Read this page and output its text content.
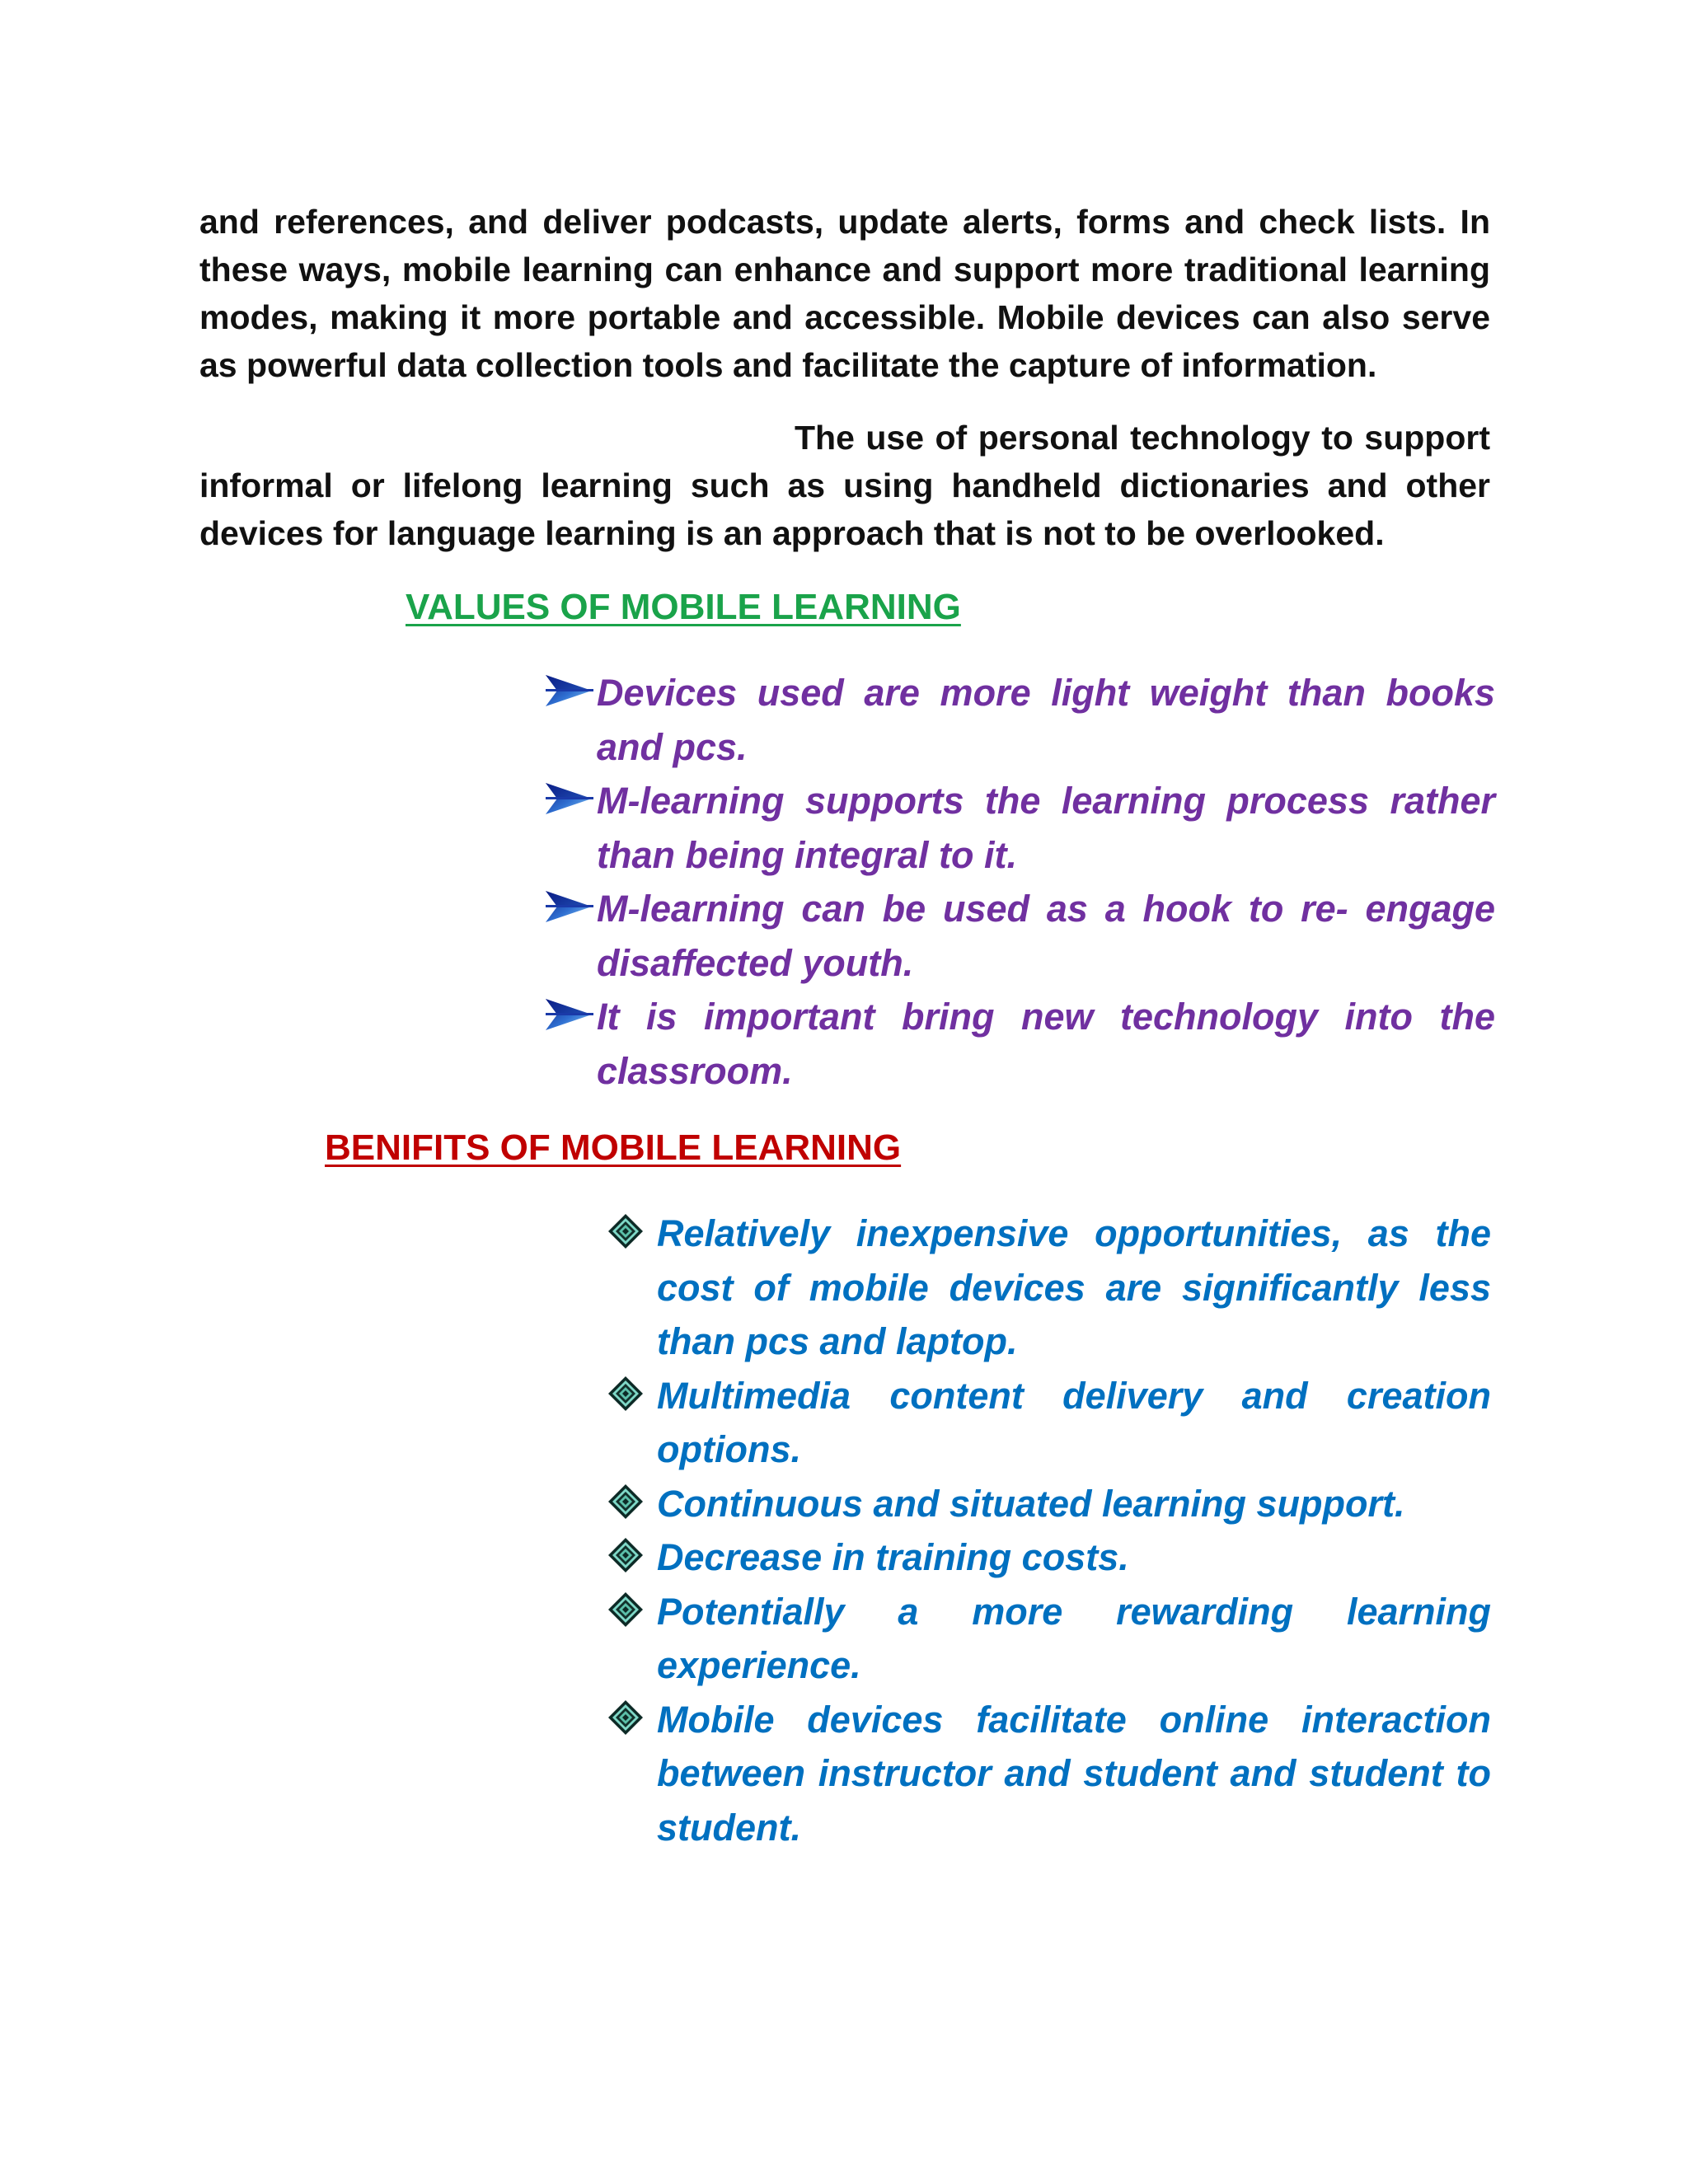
and references, and deliver podcasts, update alerts, forms and check lists. In these ways, mobile learning can enhance and support more traditional learning modes, making it more portable and accessible. Mobile devices can also serve as powerful data collection tools and facilitate the capture of information.

The use of personal technology to support informal or lifelong learning such as using handheld dictionaries and other devices for language learning is an approach that is not to be overlooked.

VALUES OF MOBILE LEARNING
Devices used are more light weight than books and pcs.
M-learning supports the learning process rather than being integral to it.
M-learning can be used as a hook to re- engage disaffected youth.
It is important bring new technology into the classroom.
BENIFITS OF MOBILE LEARNING
Relatively inexpensive opportunities, as the cost of mobile devices are significantly less than pcs and laptop.
Multimedia content delivery and creation options.
Continuous and situated learning support.
Decrease in training costs.
Potentially a more rewarding learning experience.
Mobile devices facilitate online interaction between instructor and student and student to student.
